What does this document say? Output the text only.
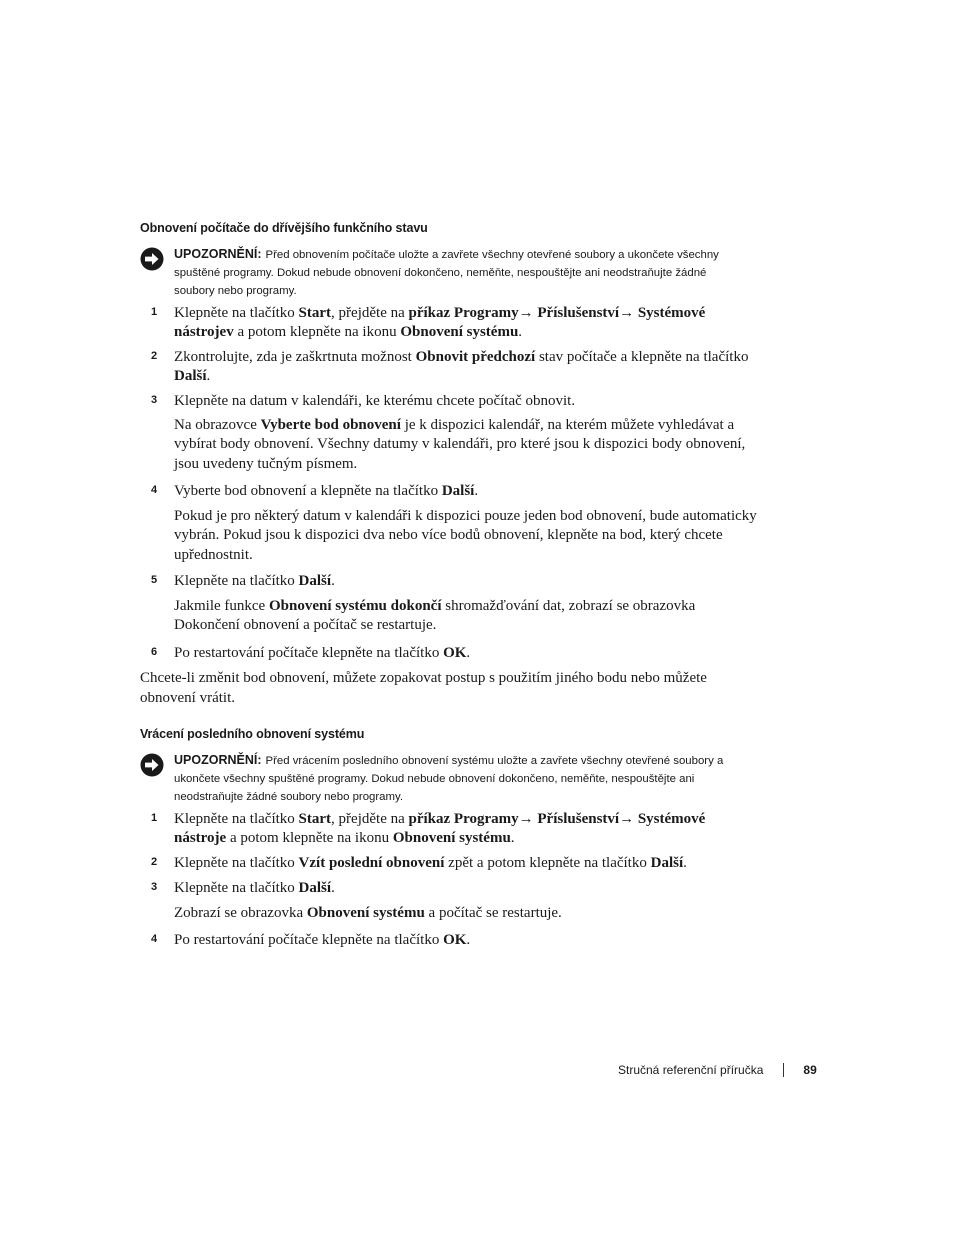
Obnovení počítače do dřívějšího funkčního stavu
UPOZORNĚNÍ: Před obnovením počítače uložte a zavřete všechny otevřené soubory a ukončete všechny spuštěné programy. Dokud nebude obnovení dokončeno, neměňte, nespouštějte ani neodstraňujte žádné soubory nebo programy.
1 Klepněte na tlačítko Start, přejděte na příkaz Programy→ Příslušenství→ Systémové nástrojev a potom klepněte na ikonu Obnovení systému.
2 Zkontrolujte, zda je zaškrtnuta možnost Obnovit předchozí stav počítače a klepněte na tlačítko Další.
3 Klepněte na datum v kalendáři, ke kterému chcete počítač obnovit.
Na obrazovce Vyberte bod obnovení je k dispozici kalendář, na kterém můžete vyhledávat a vybírat body obnovení. Všechny datumy v kalendáři, pro které jsou k dispozici body obnovení, jsou uvedeny tučným písmem.
4 Vyberte bod obnovení a klepněte na tlačítko Další.
Pokud je pro některý datum v kalendáři k dispozici pouze jeden bod obnovení, bude automaticky vybrán. Pokud jsou k dispozici dva nebo více bodů obnovení, klepněte na bod, který chcete upřednostnit.
5 Klepněte na tlačítko Další.
Jakmile funkce Obnovení systému dokončí shromažďování dat, zobrazí se obrazovka Dokončení obnovení a počítač se restartuje.
6 Po restartování počítače klepněte na tlačítko OK.
Chcete-li změnit bod obnovení, můžete zopakovat postup s použitím jiného bodu nebo můžete obnovení vrátit.
Vrácení posledního obnovení systému
UPOZORNĚNÍ: Před vrácením posledního obnovení systému uložte a zavřete všechny otevřené soubory a ukončete všechny spuštěné programy. Dokud nebude obnovení dokončeno, neměňte, nespouštějte ani neodstraňujte žádné soubory nebo programy.
1 Klepněte na tlačítko Start, přejděte na příkaz Programy→ Příslušenství→ Systémové nástroje a potom klepněte na ikonu Obnovení systému.
2 Klepněte na tlačítko Vzít poslední obnovení zpět a potom klepněte na tlačítko Další.
3 Klepněte na tlačítko Další.
Zobrazí se obrazovka Obnovení systému a počítač se restartuje.
4 Po restartování počítače klepněte na tlačítko OK.
Stručná referenční příručka	89
